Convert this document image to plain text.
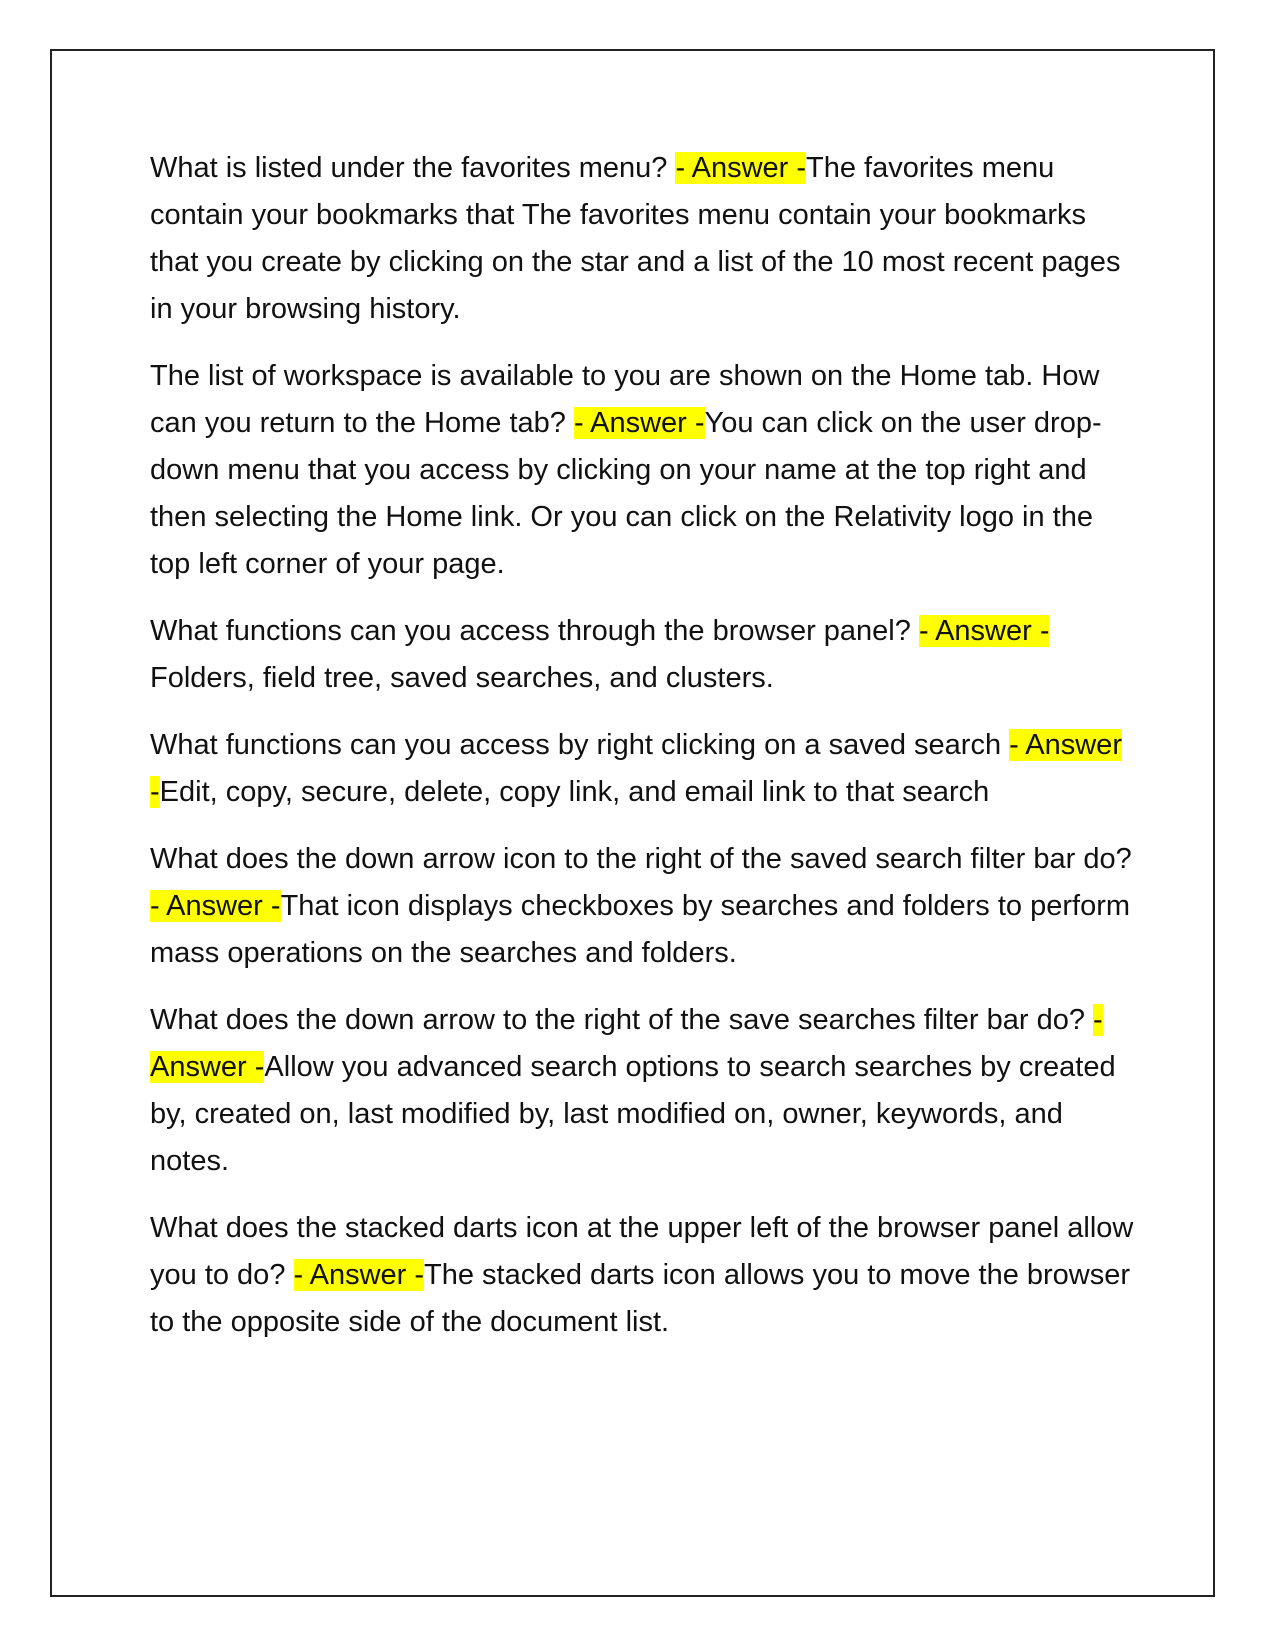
What is listed under the favorites menu? - Answer -The favorites menu contain your bookmarks that The favorites menu contain your bookmarks that you create by clicking on the star and a list of the 10 most recent pages in your browsing history.

The list of workspace is available to you are shown on the Home tab. How can you return to the Home tab? - Answer -You can click on the user drop-down menu that you access by clicking on your name at the top right and then selecting the Home link. Or you can click on the Relativity logo in the top left corner of your page.

What functions can you access through the browser panel? - Answer -Folders, field tree, saved searches, and clusters.

What functions can you access by right clicking on a saved search - Answer -Edit, copy, secure, delete, copy link, and email link to that search

What does the down arrow icon to the right of the saved search filter bar do? - Answer -That icon displays checkboxes by searches and folders to perform mass operations on the searches and folders.

What does the down arrow to the right of the save searches filter bar do? - Answer -Allow you advanced search options to search searches by created by, created on, last modified by, last modified on, owner, keywords, and notes.

What does the stacked darts icon at the upper left of the browser panel allow you to do? - Answer -The stacked darts icon allows you to move the browser to the opposite side of the document list.
